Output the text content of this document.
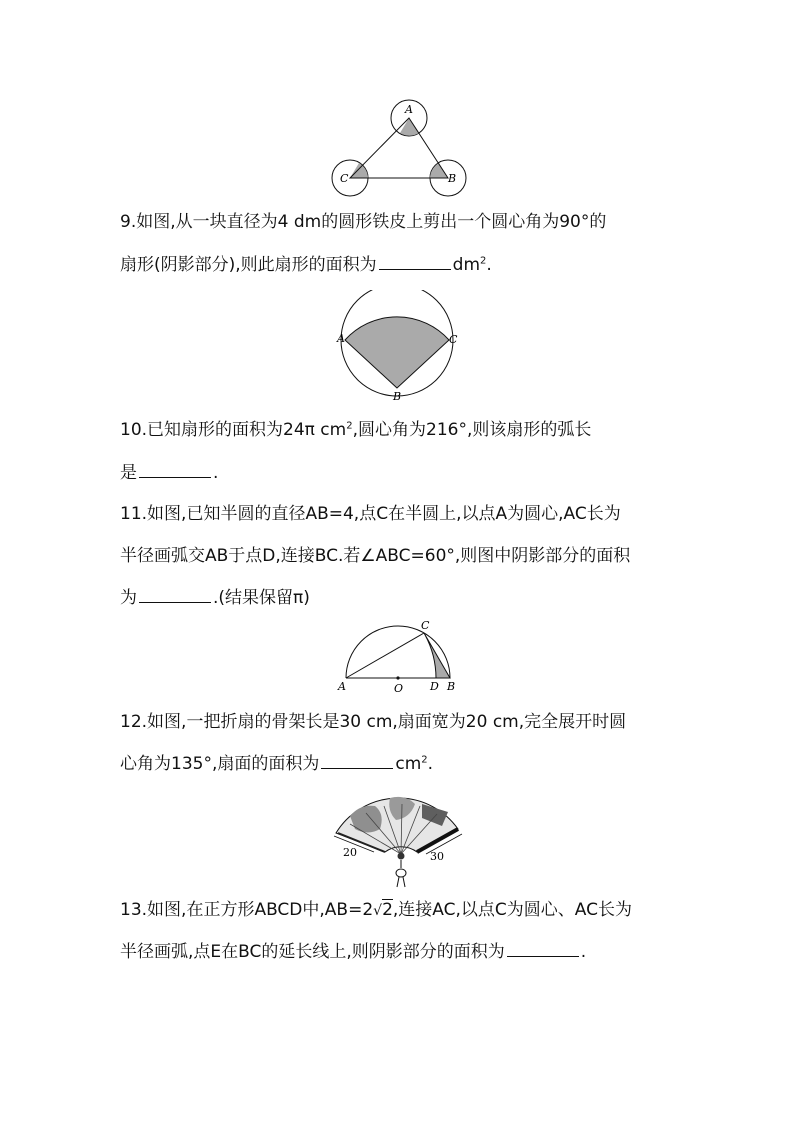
A
C	B
9.如图,从一块直径为4 dm的圆形铁皮上剪出一个圆心角为90°的
扇形(阴影部分),则此扇形的面积为	$dm^2$.
A	C
B
10.已知扇形的面积为24π $cm^2$,圆心角为216°,则该扇形的弧长
是	.
11.如图,已知半圆的直径AB=4,点C在半圆上,以点A为圆心,AC长为
半径画弧交AB于点D,连接BC.若∠ABC=60°,则图中阴影部分的面积
为	.(结果保留π)
A	O D B
C
12.如图,一把折扇的骨架长是30 cm,扇面宽为20 cm,完全展开时圆
心角为135°,扇面的面积为	$cm^2$.
20	30
13.如图,在正方形ABCD中,AB=2√2,连接AC,以点C为圆心、AC长为
半径画弧,点E在BC的延长线上,则阴影部分的面积为	.
